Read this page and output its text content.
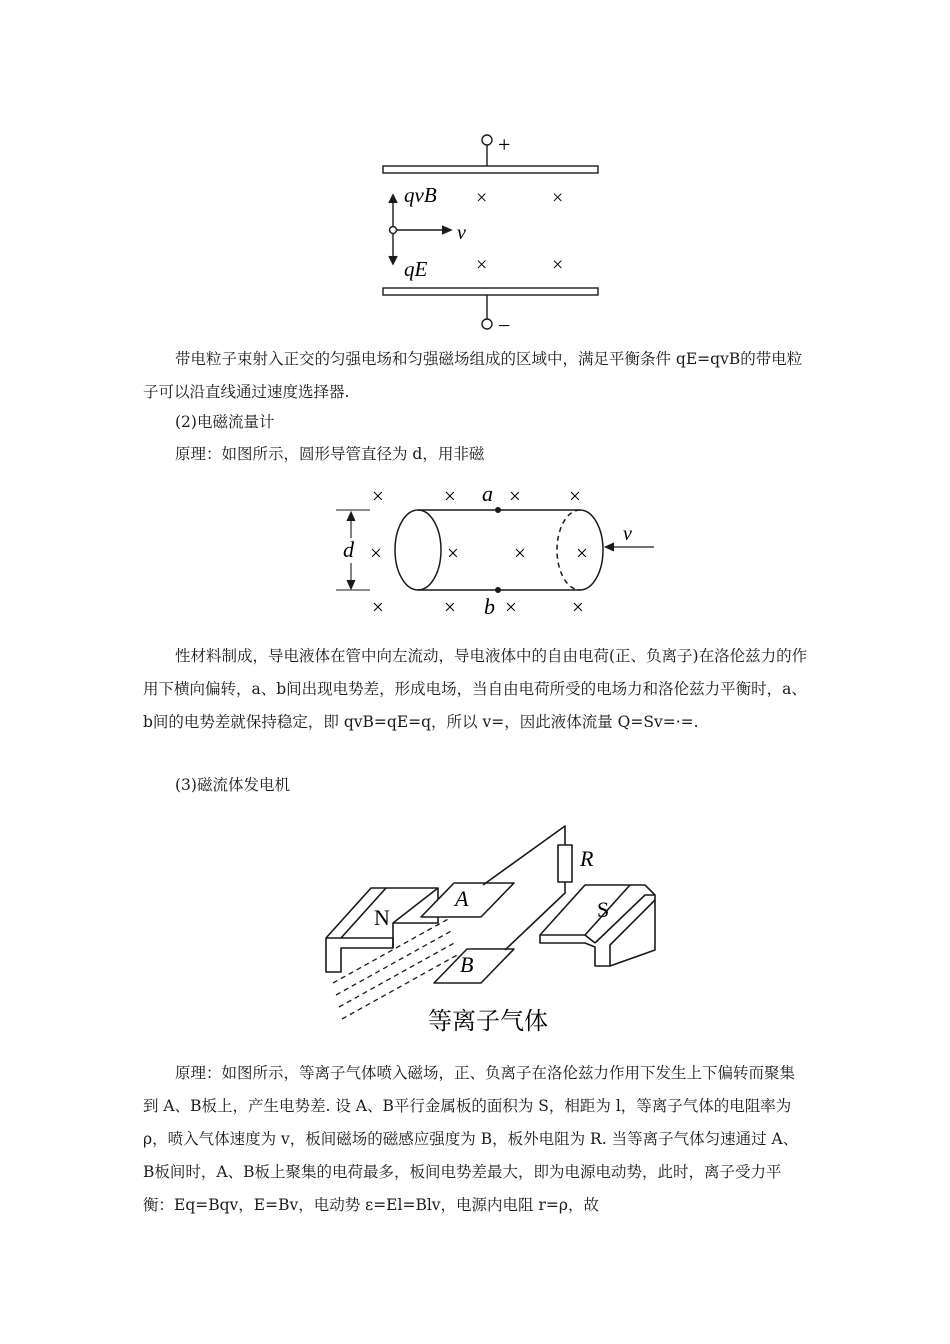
+
−
qvB
v
qE
×	×
×	×
a
b
d
v
×	×	× ×
×	×	× ×
×	× ×	×
R
N	S
A
B
等离子气体

带电粒子束射入正交的匀强电场和匀强磁场组成的区域中，满足平衡条件 qE=qvB的带电粒子可以沿直线通过速度选择器.

(2)电磁流量计
原理：如图所示，圆形导管直径为 d，用非磁

性材料制成，导电液体在管中向左流动，导电液体中的自由电荷(正、负离子)在洛伦兹力的作用下横向偏转，a、b间出现电势差，形成电场，当自由电荷所受的电场力和洛伦兹力平衡时，a、b间的电势差就保持稳定，即 qvB=qE=q，所以 v=，因此液体流量 Q=Sv=·=.

(3)磁流体发电机

原理：如图所示，等离子气体喷入磁场，正、负离子在洛伦兹力作用下发生上下偏转而聚集到 A、B板上，产生电势差. 设 A、B平行金属板的面积为 S，相距为 l，等离子气体的电阻率为 ρ，喷入气体速度为 v，板间磁场的磁感应强度为 B，板外电阻为 R. 当等离子气体匀速通过 A、B板间时，A、B板上聚集的电荷最多，板间电势差最大，即为电源电动势，此时，离子受力平衡：Eq=Bqv，E=Bv，电动势 ε=El=Blv，电源内电阻 r=ρ，故
